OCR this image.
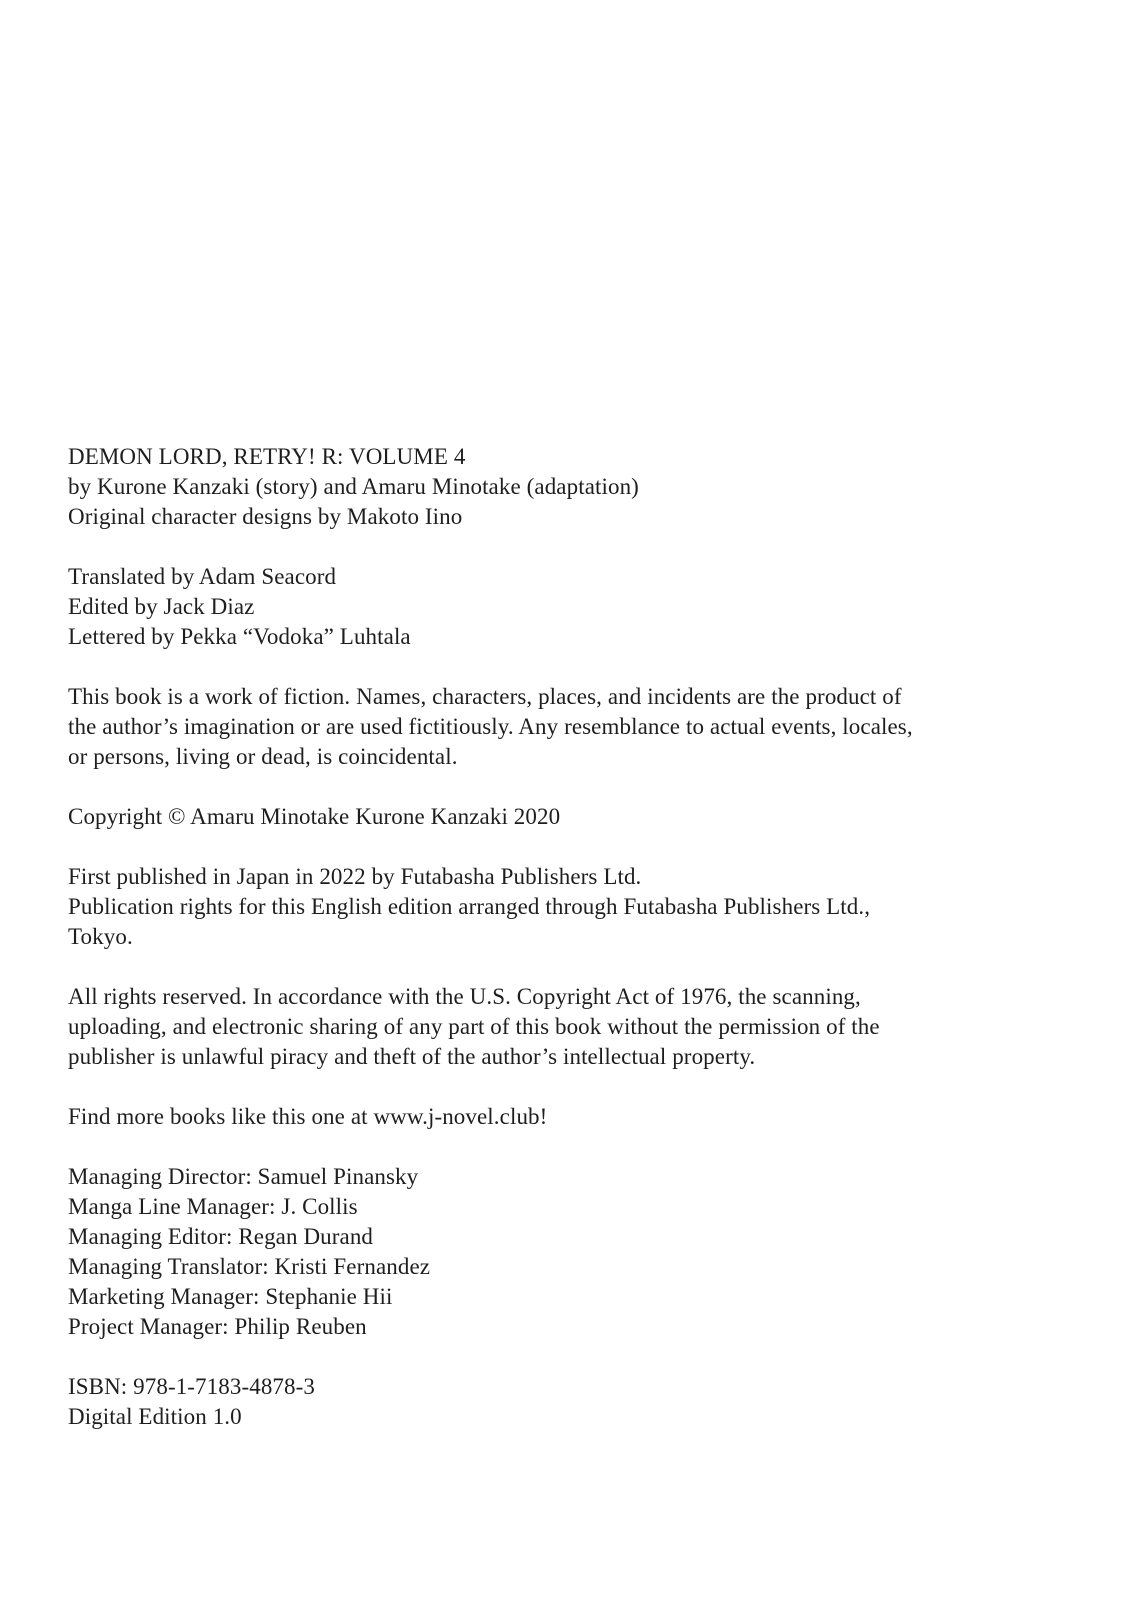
DEMON LORD, RETRY! R: VOLUME 4
by Kurone Kanzaki (story) and Amaru Minotake (adaptation)
Original character designs by Makoto Iino
Translated by Adam Seacord
Edited by Jack Diaz
Lettered by Pekka “Vodoka” Luhtala
This book is a work of fiction. Names, characters, places, and incidents are the product of
the author’s imagination or are used fictitiously. Any resemblance to actual events, locales,
or persons, living or dead, is coincidental.
Copyright © Amaru Minotake Kurone Kanzaki 2020
First published in Japan in 2022 by Futabasha Publishers Ltd.
Publication rights for this English edition arranged through Futabasha Publishers Ltd.,
Tokyo.
All rights reserved. In accordance with the U.S. Copyright Act of 1976, the scanning,
uploading, and electronic sharing of any part of this book without the permission of the
publisher is unlawful piracy and theft of the author’s intellectual property.
Find more books like this one at www.j-novel.club!
Managing Director: Samuel Pinansky
Manga Line Manager: J. Collis
Managing Editor: Regan Durand
Managing Translator: Kristi Fernandez
Marketing Manager: Stephanie Hii
Project Manager: Philip Reuben
ISBN: 978-1-7183-4878-3
Digital Edition 1.0
